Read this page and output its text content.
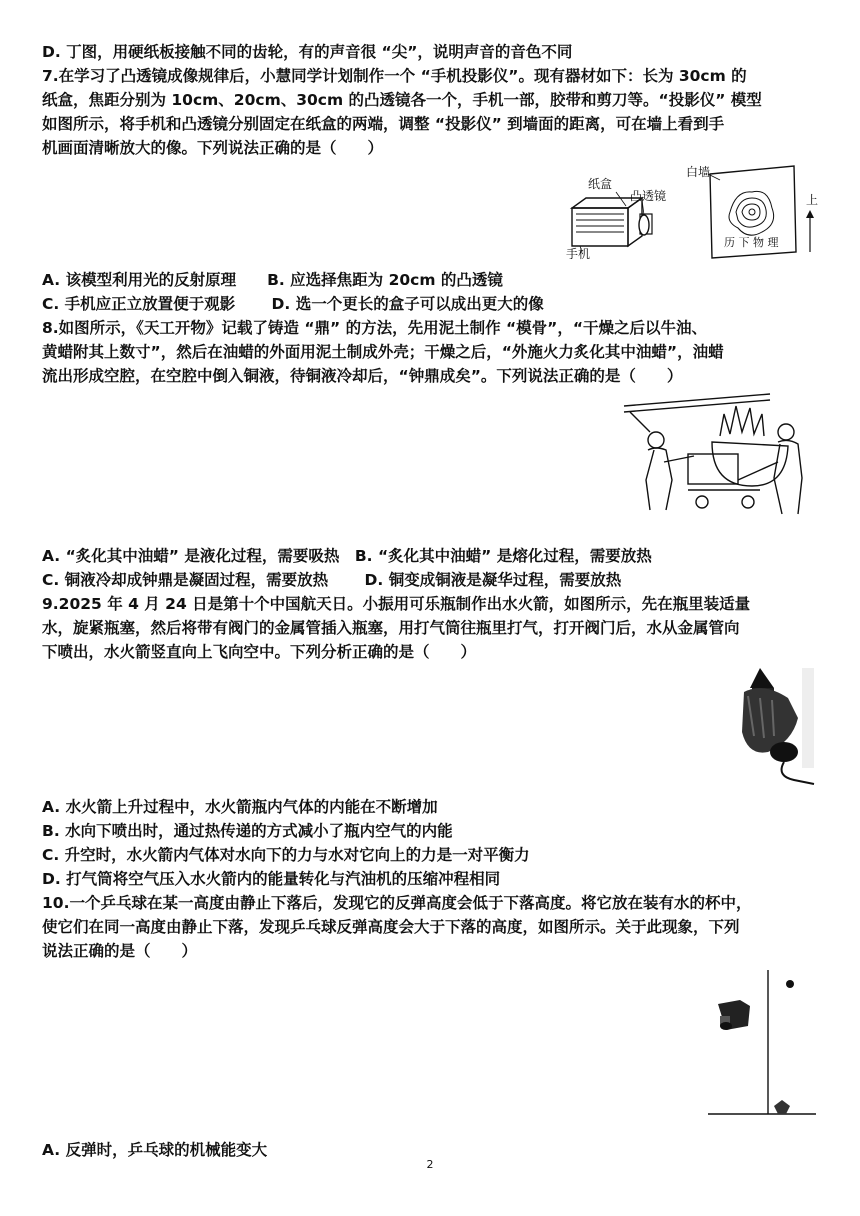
D. 丁图，用硬纸板接触不同的齿轮，有的声音很 “尖”，说明声音的音色不同
7.在学习了凸透镜成像规律后，小慧同学计划制作一个 “手机投影仪”。现有器材如下：长为 30cm 的
纸盒，焦距分别为 10cm、20cm、30cm 的凸透镜各一个，手机一部，胶带和剪刀等。“投影仪” 模型
如图所示，将手机和凸透镜分别固定在纸盒的两端，调整 “投影仪” 到墙面的距离，可在墙上看到手
机画面清晰放大的像。下列说法正确的是（　　）
纸盒
凸透镜
手机
历 下 物 理
白墙
上
A. 该模型利用光的反射原理　　B. 应选择焦距为 20cm 的凸透镜
C. 手机应正立放置便于观影　　 D. 选一个更长的盒子可以成出更大的像
8.如图所示，《天工开物》记载了铸造 “鼎” 的方法，先用泥土制作 “模骨”，“干燥之后以牛油、
黄蜡附其上数寸”，然后在油蜡的外面用泥土制成外壳；干燥之后，“外施火力炙化其中油蜡”，油蜡
流出形成空腔，在空腔中倒入铜液，待铜液冷却后，“钟鼎成矣”。下列说法正确的是（　　）
A. “炙化其中油蜡” 是液化过程，需要吸热　B. “炙化其中油蜡” 是熔化过程，需要放热
C. 铜液冷却成钟鼎是凝固过程，需要放热　　 D. 铜变成铜液是凝华过程，需要放热
9.2025 年 4 月 24 日是第十个中国航天日。小振用可乐瓶制作出水火箭，如图所示，先在瓶里装适量
水，旋紧瓶塞，然后将带有阀门的金属管插入瓶塞，用打气筒往瓶里打气，打开阀门后，水从金属管向
下喷出，水火箭竖直向上飞向空中。下列分析正确的是（　　）
A. 水火箭上升过程中，水火箭瓶内气体的内能在不断增加
B. 水向下喷出时，通过热传递的方式减小了瓶内空气的内能
C. 升空时，水火箭内气体对水向下的力与水对它向上的力是一对平衡力
D. 打气筒将空气压入水火箭内的能量转化与汽油机的压缩冲程相同
10.一个乒乓球在某一高度由静止下落后，发现它的反弹高度会低于下落高度。将它放在装有水的杯中，
使它们在同一高度由静止下落，发现乒乓球反弹高度会大于下落的高度，如图所示。关于此现象，下列
说法正确的是（　　）
A. 反弹时，乒乓球的机械能变大
2
